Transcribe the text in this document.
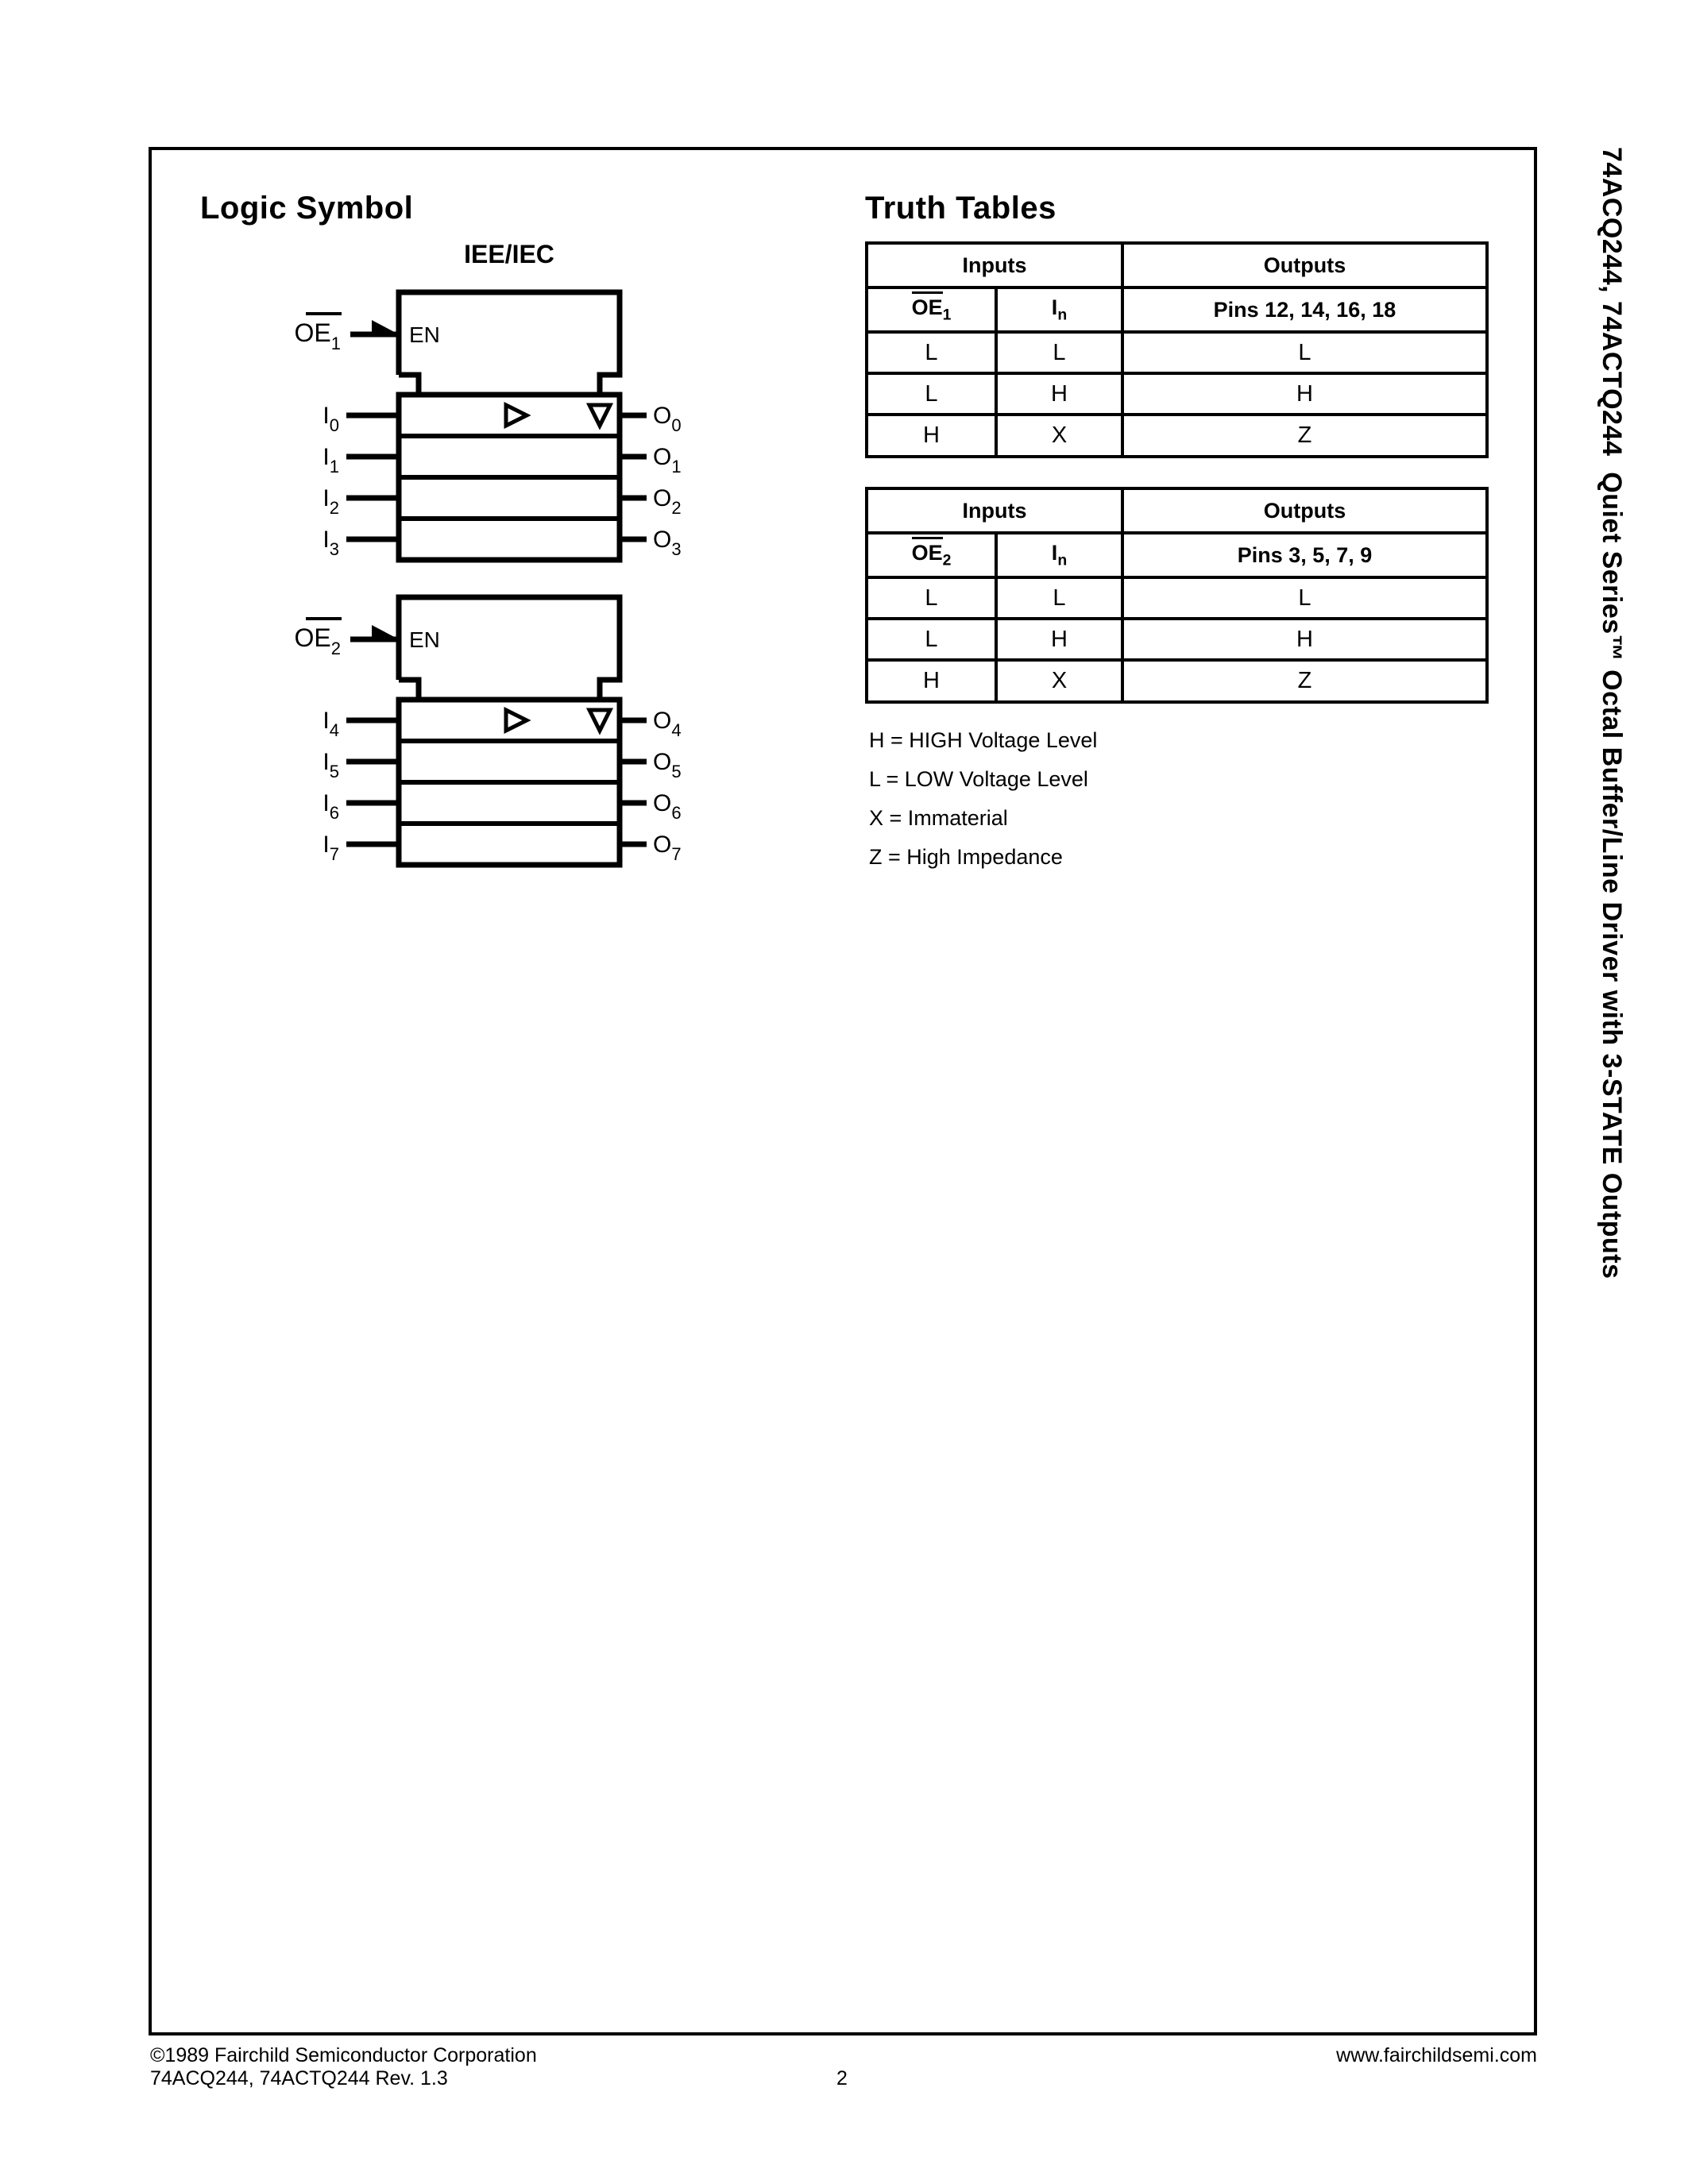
Logic Symbol	Truth Tables
IEE/IEC
$OE_1$	EN
$I_0$
$I_1$
$I_2$
$I_3$
$O_0$
$O_1$
$O_2$
$O_3$
$OE_2$	EN
$I_4$
$I_5$
$I_6$
$I_7$
$O_4$
$O_5$
$O_6$
$O_7$
Inputs		Outputs
$OE_1$	$I_n$	Pins 12, 14, 16, 18
L	L	L
L	H	H
H	X	Z
Inputs		Outputs
$OE_2$	$I_n$	Pins 3, 5, 7, 9
L	L	L
L	H	H
H	X	Z
H = HIGH Voltage Level
L = LOW Voltage Level
X = Immaterial
Z = High Impedance	74ACQ244, 74ACTQ244  Quiet Series™ Octal Buffer/Line Driver with 3-STATE Outputs
©1989 Fairchild Semiconductor Corporation
74ACQ244, 74ACTQ244 Rev. 1.3	2
www.fairchildsemi.com
